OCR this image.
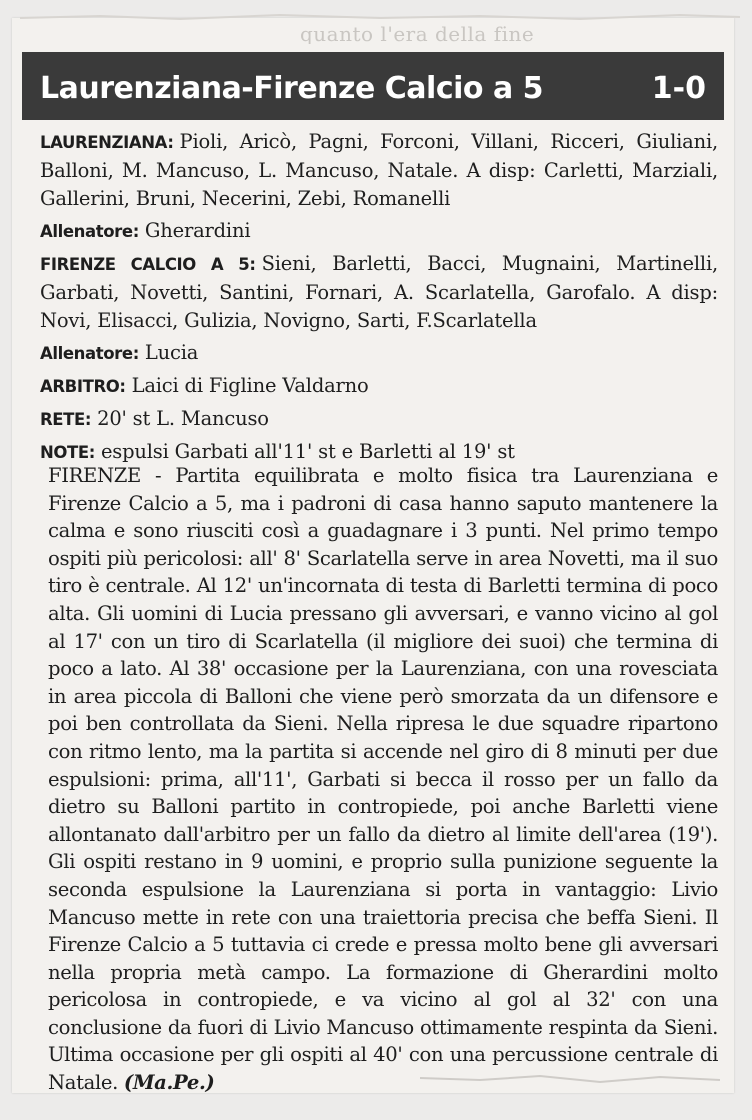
quanto l'era della fine
Laurenziana-Firenze Calcio a 5	1-0
LAURENZIANA: Pioli, Aricò, Pagni, Forconi, Villani, Ricceri, Giuliani, Balloni, M. Mancuso, L. Mancuso, Natale. A disp: Carletti, Marziali, Gallerini, Bruni, Necerini, Zebi, Romanelli
Allenatore: Gherardini
FIRENZE CALCIO A 5: Sieni, Barletti, Bacci, Mugnaini, Martinelli, Garbati, Novetti, Santini, Fornari, A. Scarlatella, Garofalo. A disp: Novi, Elisacci, Gulizia, Novigno, Sarti, F.Scarlatella
Allenatore: Lucia
ARBITRO: Laici di Figline Valdarno
RETE: 20' st L. Mancuso
NOTE: espulsi Garbati all'11' st e Barletti al 19' st
FIRENZE - Partita equilibrata e molto fisica tra Laurenziana e Firenze Calcio a 5, ma i padroni di casa hanno saputo mantenere la calma e sono riusciti così a guadagnare i 3 punti. Nel primo tempo ospiti più pericolosi: all' 8' Scarlatella serve in area Novetti, ma il suo tiro è centrale. Al 12' un'incornata di testa di Barletti termina di poco alta. Gli uomini di Lucia pressano gli avversari, e vanno vicino al gol al 17' con un tiro di Scarlatella (il migliore dei suoi) che termina di poco a lato. Al 38' occasione per la Laurenziana, con una rovesciata in area piccola di Balloni che viene però smorzata da un difensore e poi ben controllata da Sieni. Nella ripresa le due squadre ripartono con ritmo lento, ma la partita si accende nel giro di 8 minuti per due espulsioni: prima, all'11', Garbati si becca il rosso per un fallo da dietro su Balloni partito in contropiede, poi anche Barletti viene allontanato dall'arbitro per un fallo da dietro al limite dell'area (19'). Gli ospiti restano in 9 uomini, e proprio sulla punizione seguente la seconda espulsione la Laurenziana si porta in vantaggio: Livio Mancuso mette in rete con una traiettoria precisa che beffa Sieni. Il Firenze Calcio a 5 tuttavia ci crede e pressa molto bene gli avversari nella propria metà campo. La formazione di Gherardini molto pericolosa in contropiede, e va vicino al gol al 32' con una conclusione da fuori di Livio Mancuso ottimamente respinta da Sieni. Ultima occasione per gli ospiti al 40' con una percussione centrale di Natale. (Ma.Pe.)
